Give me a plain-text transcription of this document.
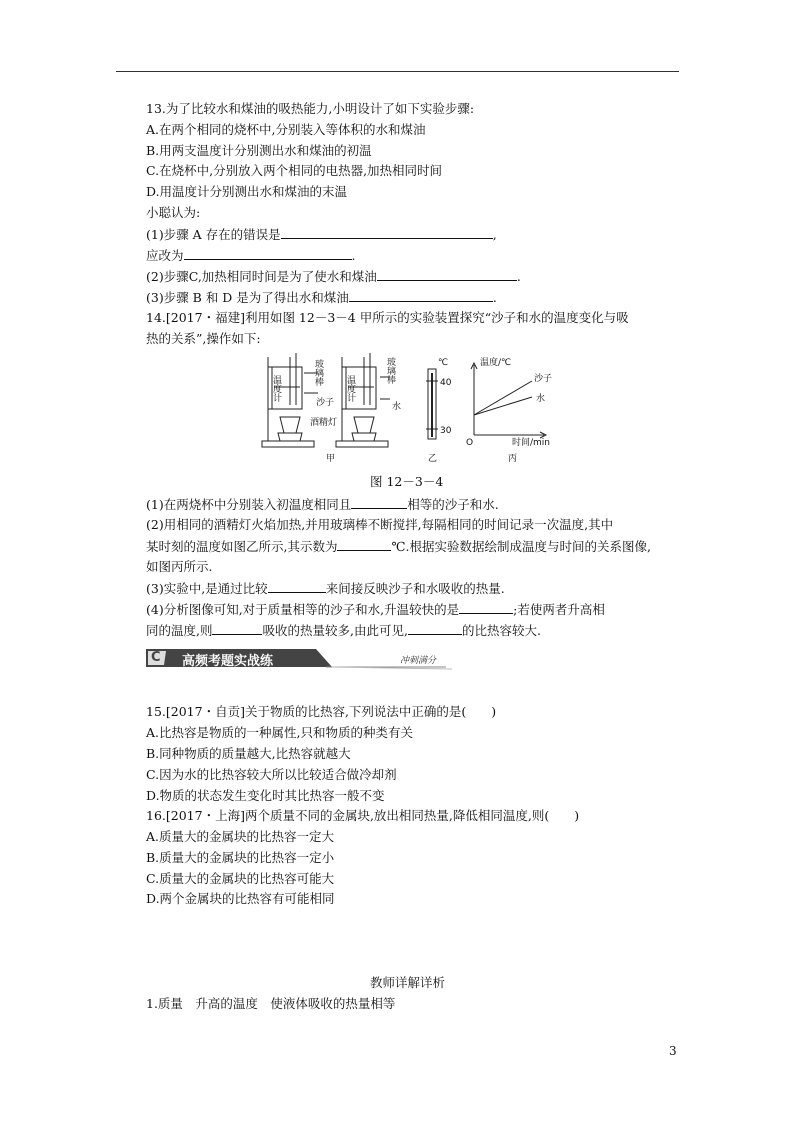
13.为了比较水和煤油的吸热能力,小明设计了如下实验步骤:
A.在两个相同的烧杯中,分别装入等体积的水和煤油
B.用两支温度计分别测出水和煤油的初温
C.在烧杯中,分别放入两个相同的电热器,加热相同时间
D.用温度计分别测出水和煤油的末温
小聪认为:
(1)步骤 A 存在的错误是	,
应改为	.
(2)步骤C,加热相同时间是为了使水和煤油	.
(3)步骤 B 和 D 是为了得出水和煤油	.
14.[2017・福建]利用如图 12－3－4 甲所示的实验装置探究“沙子和水的温度变化与吸
热的关系”,操作如下:
温度计
玻璃棒
沙子
酒精灯
温度计
玻璃棒
水
℃
40
30
温度/℃
时间/min
O
沙子
水
甲	乙	丙
图 12－3－4
(1)在两烧杯中分别装入初温度相同且	相等的沙子和水.
(2)用相同的酒精灯火焰加热,并用玻璃棒不断搅拌,每隔相同的时间记录一次温度,其中
某时刻的温度如图乙所示,其示数为	℃.根据实验数据绘制成温度与时间的关系图像,
如图丙所示.
(3)实验中,是通过比较	来间接反映沙子和水吸收的热量.
(4)分析图像可知,对于质量相等的沙子和水,升温较快的是	;若使两者升高相
同的温度,则	吸收的热量较多,由此可见,	的比热容较大.
C 高频考题实战练	冲刺满分
15.[2017・自贡]关于物质的比热容,下列说法中正确的是(　　)
A.比热容是物质的一种属性,只和物质的种类有关
B.同种物质的质量越大,比热容就越大
C.因为水的比热容较大所以比较适合做冷却剂
D.物质的状态发生变化时其比热容一般不变
16.[2017・上海]两个质量不同的金属块,放出相同热量,降低相同温度,则(　　)
A.质量大的金属块的比热容一定大
B.质量大的金属块的比热容一定小
C.质量大的金属块的比热容可能大
D.两个金属块的比热容有可能相同
教师详解详析
1.质量　升高的温度　使液体吸收的热量相等
3
